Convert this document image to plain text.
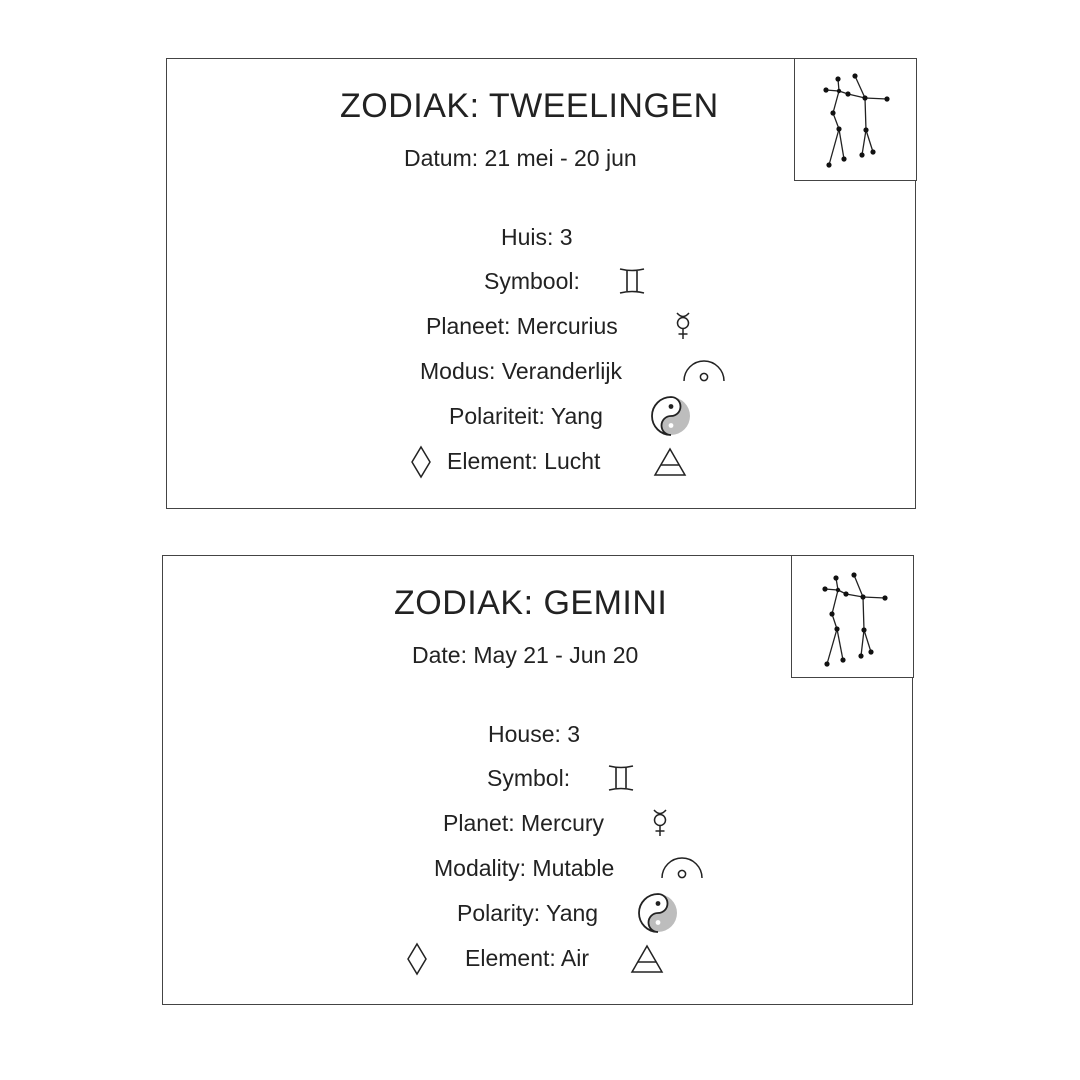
ZODIAK: TWEELINGEN
Datum: 21 mei - 20 jun
Huis: 3
Symbool:
Planeet: Mercurius
Modus: Veranderlijk
Polariteit: Yang
Element: Lucht
ZODIAK: GEMINI
Date: May 21 - Jun 20
House: 3
Symbol:
Planet: Mercury
Modality: Mutable
Polarity: Yang
Element: Air
